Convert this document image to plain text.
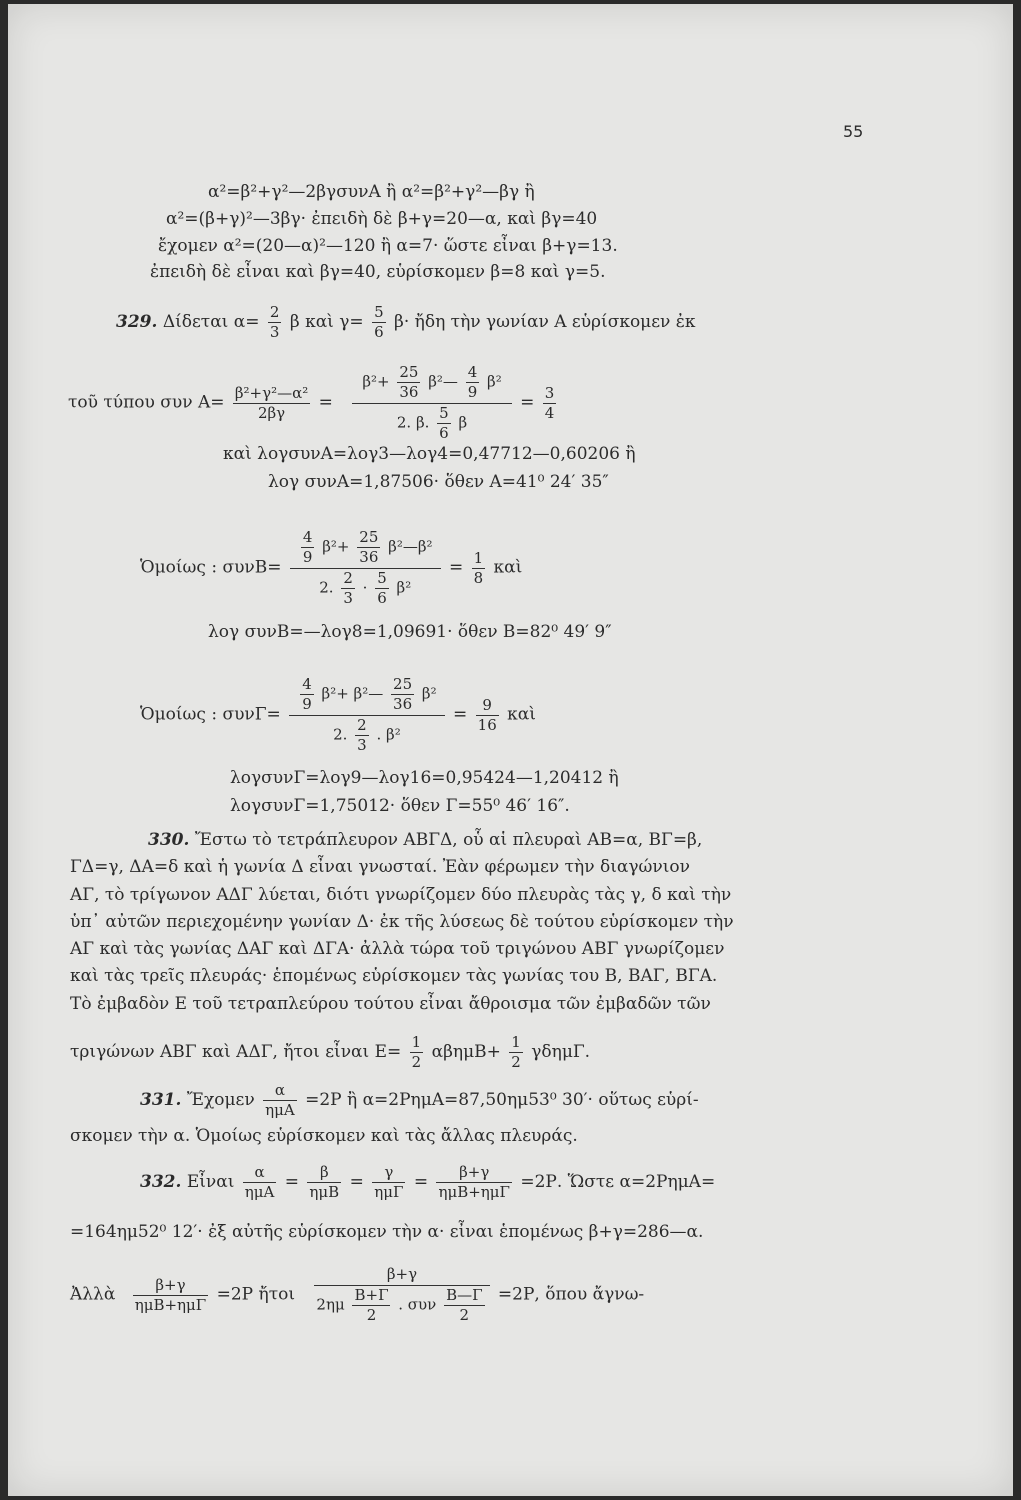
55
α²=β²+γ²—2βγσυνΑ ἢ α²=β²+γ²—βγ ἢ
α²=(β+γ)²—3βγ· ἐπειδὴ δὲ β+γ=20—α, καὶ βγ=40
ἔχομεν α²=(20—α)²—120 ἢ α=7· ὥστε εἶναι β+γ=13.
ἐπειδὴ δὲ εἶναι καὶ βγ=40, εὑρίσκομεν β=8 καὶ γ=5.
329. Δίδεται $\alpha= \frac{2}{3}$ β καὶ $\gamma= \frac{5}{6} \beta\cdot$ ἤδη τὴν γωνίαν Α εὑρίσκομεν ἐκ
τοῦ τύπου συν $A= \frac{\text{β²+γ²—α²}}{2\beta\gamma} = \frac{\beta^2+ \frac{25}{36} \beta^2— \frac{4}{9} \beta^2}{2. \beta. \frac{5}{6} \beta} = \frac{3}{4}$
καὶ λογσυνΑ=λογ3—λογ4=0,47712—0,60206 ἢ
λογ συνΑ=1,87506· ὅθεν Α=41⁰ 24′ 35″
Ὁμοίως : $\sigma\upsilon\nu B= \frac{\frac{4}{9} \beta^2+ \frac{25}{36} \beta^2—\beta^2}{2. \frac{2}{3} \cdot \frac{5}{6} \beta^2} = \frac{1}{8}$ καὶ
λογ συνΒ=—λογ8=1,09691· ὅθεν Β=82⁰ 49′ 9″
Ὁμοίως : $\sigma\upsilon\nu\Gamma= \frac{\frac{4}{9} \beta^2+ \beta^2— \frac{25}{36} \beta^2}{2. \frac{2}{3} . \beta^2} = \frac{9}{16}$ καὶ
λογσυνΓ=λογ9—λογ16=0,95424—1,20412 ἢ
λογσυνΓ=1,75012· ὅθεν Γ=55⁰ 46′ 16″.
330. Ἔστω τὸ τετράπλευρον ΑΒΓΔ, οὗ αἱ πλευραὶ ΑΒ=α, ΒΓ=β,
ΓΔ=γ, ΔΑ=δ καὶ ἡ γωνία Δ εἶναι γνωσταί. Ἐὰν φέρωμεν τὴν διαγώνιον
ΑΓ, τὸ τρίγωνον ΑΔΓ λύεται, διότι γνωρίζομεν δύο πλευρὰς τὰς γ, δ καὶ τὴν
ὑπ᾽ αὐτῶν περιεχομένην γωνίαν Δ· ἐκ τῆς λύσεως δὲ τούτου εὑρίσκομεν τὴν
ΑΓ καὶ τὰς γωνίας ΔΑΓ καὶ ΔΓΑ· ἀλλὰ τώρα τοῦ τριγώνου ΑΒΓ γνωρίζομεν
καὶ τὰς τρεῖς πλευράς· ἑπομένως εὑρίσκομεν τὰς γωνίας του Β, ΒΑΓ, ΒΓΑ.
Τὸ ἐμβαδὸν Ε τοῦ τετραπλεύρου τούτου εἶναι ἄθροισμα τῶν ἐμβαδῶν τῶν
τριγώνων ΑΒΓ καὶ ΑΔΓ, ἤτοι εἶναι $E= \frac{1}{2} \alpha\beta\eta\mu B+ \frac{1}{2} \gamma\delta\eta\mu\Gamma$.
331. Ἔχομεν $\frac{\alpha}{\text{ημΑ}} =2P$ ἢ α=2ΡημΑ=87,50ημ53⁰ 30′· οὕτως εὑρί-
σκομεν τὴν α. Ὁμοίως εὑρίσκομεν καὶ τὰς ἄλλας πλευράς.
332. Εἶναι $\frac{\alpha}{\text{ημΑ}} = \frac{\beta}{\text{ημΒ}} = \frac{\gamma}{\text{ημΓ}} = \frac{\beta+\gamma}{\text{ημΒ+ημΓ}} =2P$. Ὥστε α=2ΡημΑ=
=164ημ52⁰ 12′· ἐξ αὐτῆς εὑρίσκομεν τὴν α· εἶναι ἑπομένως β+γ=286—α.
Ἀλλὰ $\frac{\beta+\gamma}{\text{ημΒ+ημΓ}} =2P$ ἤτοι $\frac{\beta+\gamma}{2\eta\mu \frac{B+\Gamma}{2} . \sigma\upsilon\nu \frac{B—\Gamma}{2}} =2P$, ὅπου ἄγνω-
